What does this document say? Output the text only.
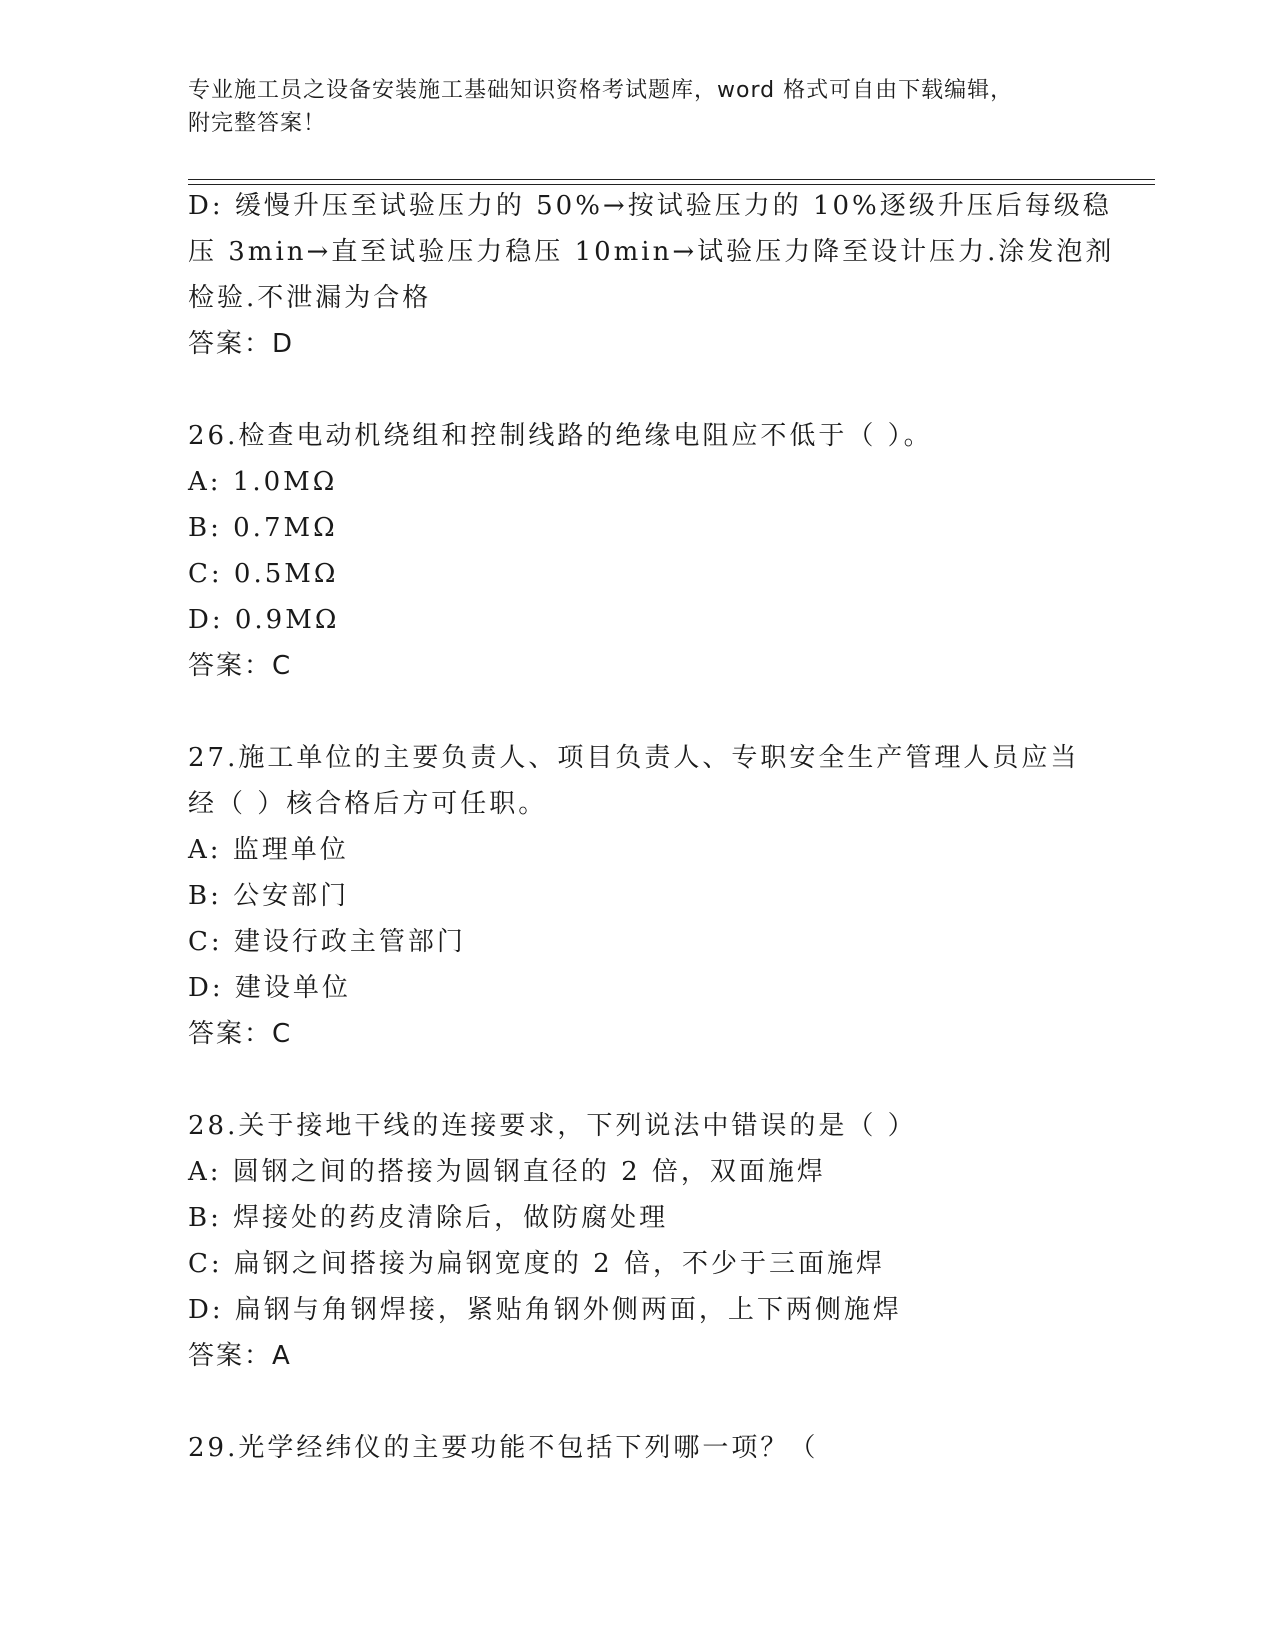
专业施工员之设备安装施工基础知识资格考试题库，word 格式可自由下载编辑，
附完整答案！
D: 缓慢升压至试验压力的 50%→按试验压力的 10%逐级升压后每级稳
压 3min→直至试验压力稳压 10min→试验压力降至设计压力.涂发泡剂
检验.不泄漏为合格
答案：D
26.检查电动机绕组和控制线路的绝缘电阻应不低于（ ）。
A: 1.0MΩ
B: 0.7MΩ
C: 0.5MΩ
D: 0.9MΩ
答案：C
27.施工单位的主要负责人、项目负责人、专职安全生产管理人员应当
经（ ）核合格后方可任职。
A: 监理单位
B: 公安部门
C: 建设行政主管部门
D: 建设单位
答案：C
28.关于接地干线的连接要求，下列说法中错误的是（ ）
A: 圆钢之间的搭接为圆钢直径的 2 倍，双面施焊
B: 焊接处的药皮清除后，做防腐处理
C: 扁钢之间搭接为扁钢宽度的 2 倍，不少于三面施焊
D: 扁钢与角钢焊接，紧贴角钢外侧两面，上下两侧施焊
答案：A
29.光学经纬仪的主要功能不包括下列哪一项？（
